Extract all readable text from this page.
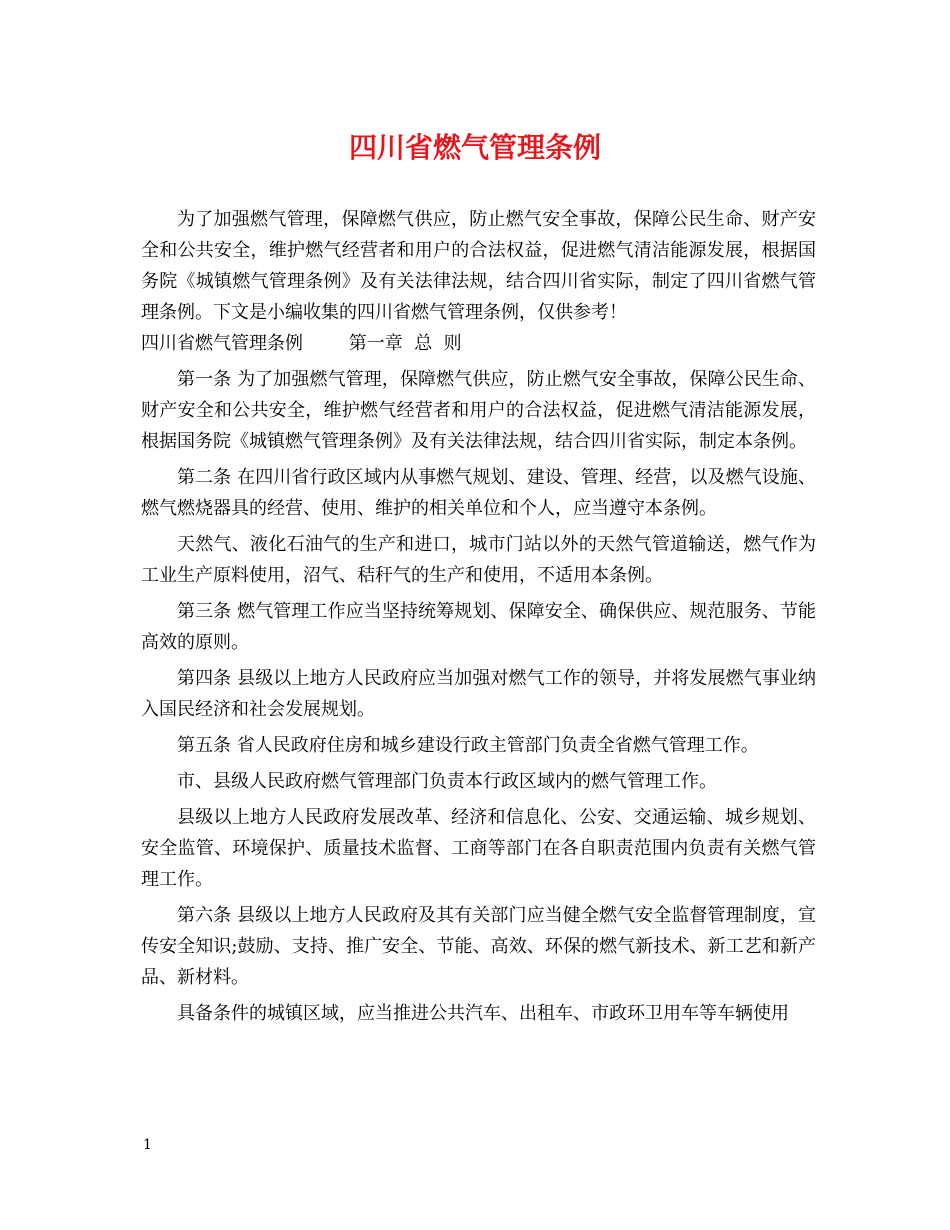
四川省燃气管理条例

为了加强燃气管理，保障燃气供应，防止燃气安全事故，保障公民生命、财产安全和公共安全，维护燃气经营者和用户的合法权益，促进燃气清洁能源发展，根据国务院《城镇燃气管理条例》及有关法律法规，结合四川省实际，制定了四川省燃气管理条例。下文是小编收集的四川省燃气管理条例，仅供参考！

四川省燃气管理条例        第一章  总  则

第一条 为了加强燃气管理，保障燃气供应，防止燃气安全事故，保障公民生命、财产安全和公共安全，维护燃气经营者和用户的合法权益，促进燃气清洁能源发展，根据国务院《城镇燃气管理条例》及有关法律法规，结合四川省实际，制定本条例。

第二条 在四川省行政区域内从事燃气规划、建设、管理、经营，以及燃气设施、燃气燃烧器具的经营、使用、维护的相关单位和个人，应当遵守本条例。

天然气、液化石油气的生产和进口，城市门站以外的天然气管道输送，燃气作为工业生产原料使用，沼气、秸秆气的生产和使用，不适用本条例。

第三条 燃气管理工作应当坚持统筹规划、保障安全、确保供应、规范服务、节能高效的原则。

第四条 县级以上地方人民政府应当加强对燃气工作的领导，并将发展燃气事业纳入国民经济和社会发展规划。

第五条 省人民政府住房和城乡建设行政主管部门负责全省燃气管理工作。

市、县级人民政府燃气管理部门负责本行政区域内的燃气管理工作。

县级以上地方人民政府发展改革、经济和信息化、公安、交通运输、城乡规划、安全监管、环境保护、质量技术监督、工商等部门在各自职责范围内负责有关燃气管理工作。

第六条 县级以上地方人民政府及其有关部门应当健全燃气安全监督管理制度，宣传安全知识;鼓励、支持、推广安全、节能、高效、环保的燃气新技术、新工艺和新产品、新材料。

具备条件的城镇区域，应当推进公共汽车、出租车、市政环卫用车等车辆使用

1
